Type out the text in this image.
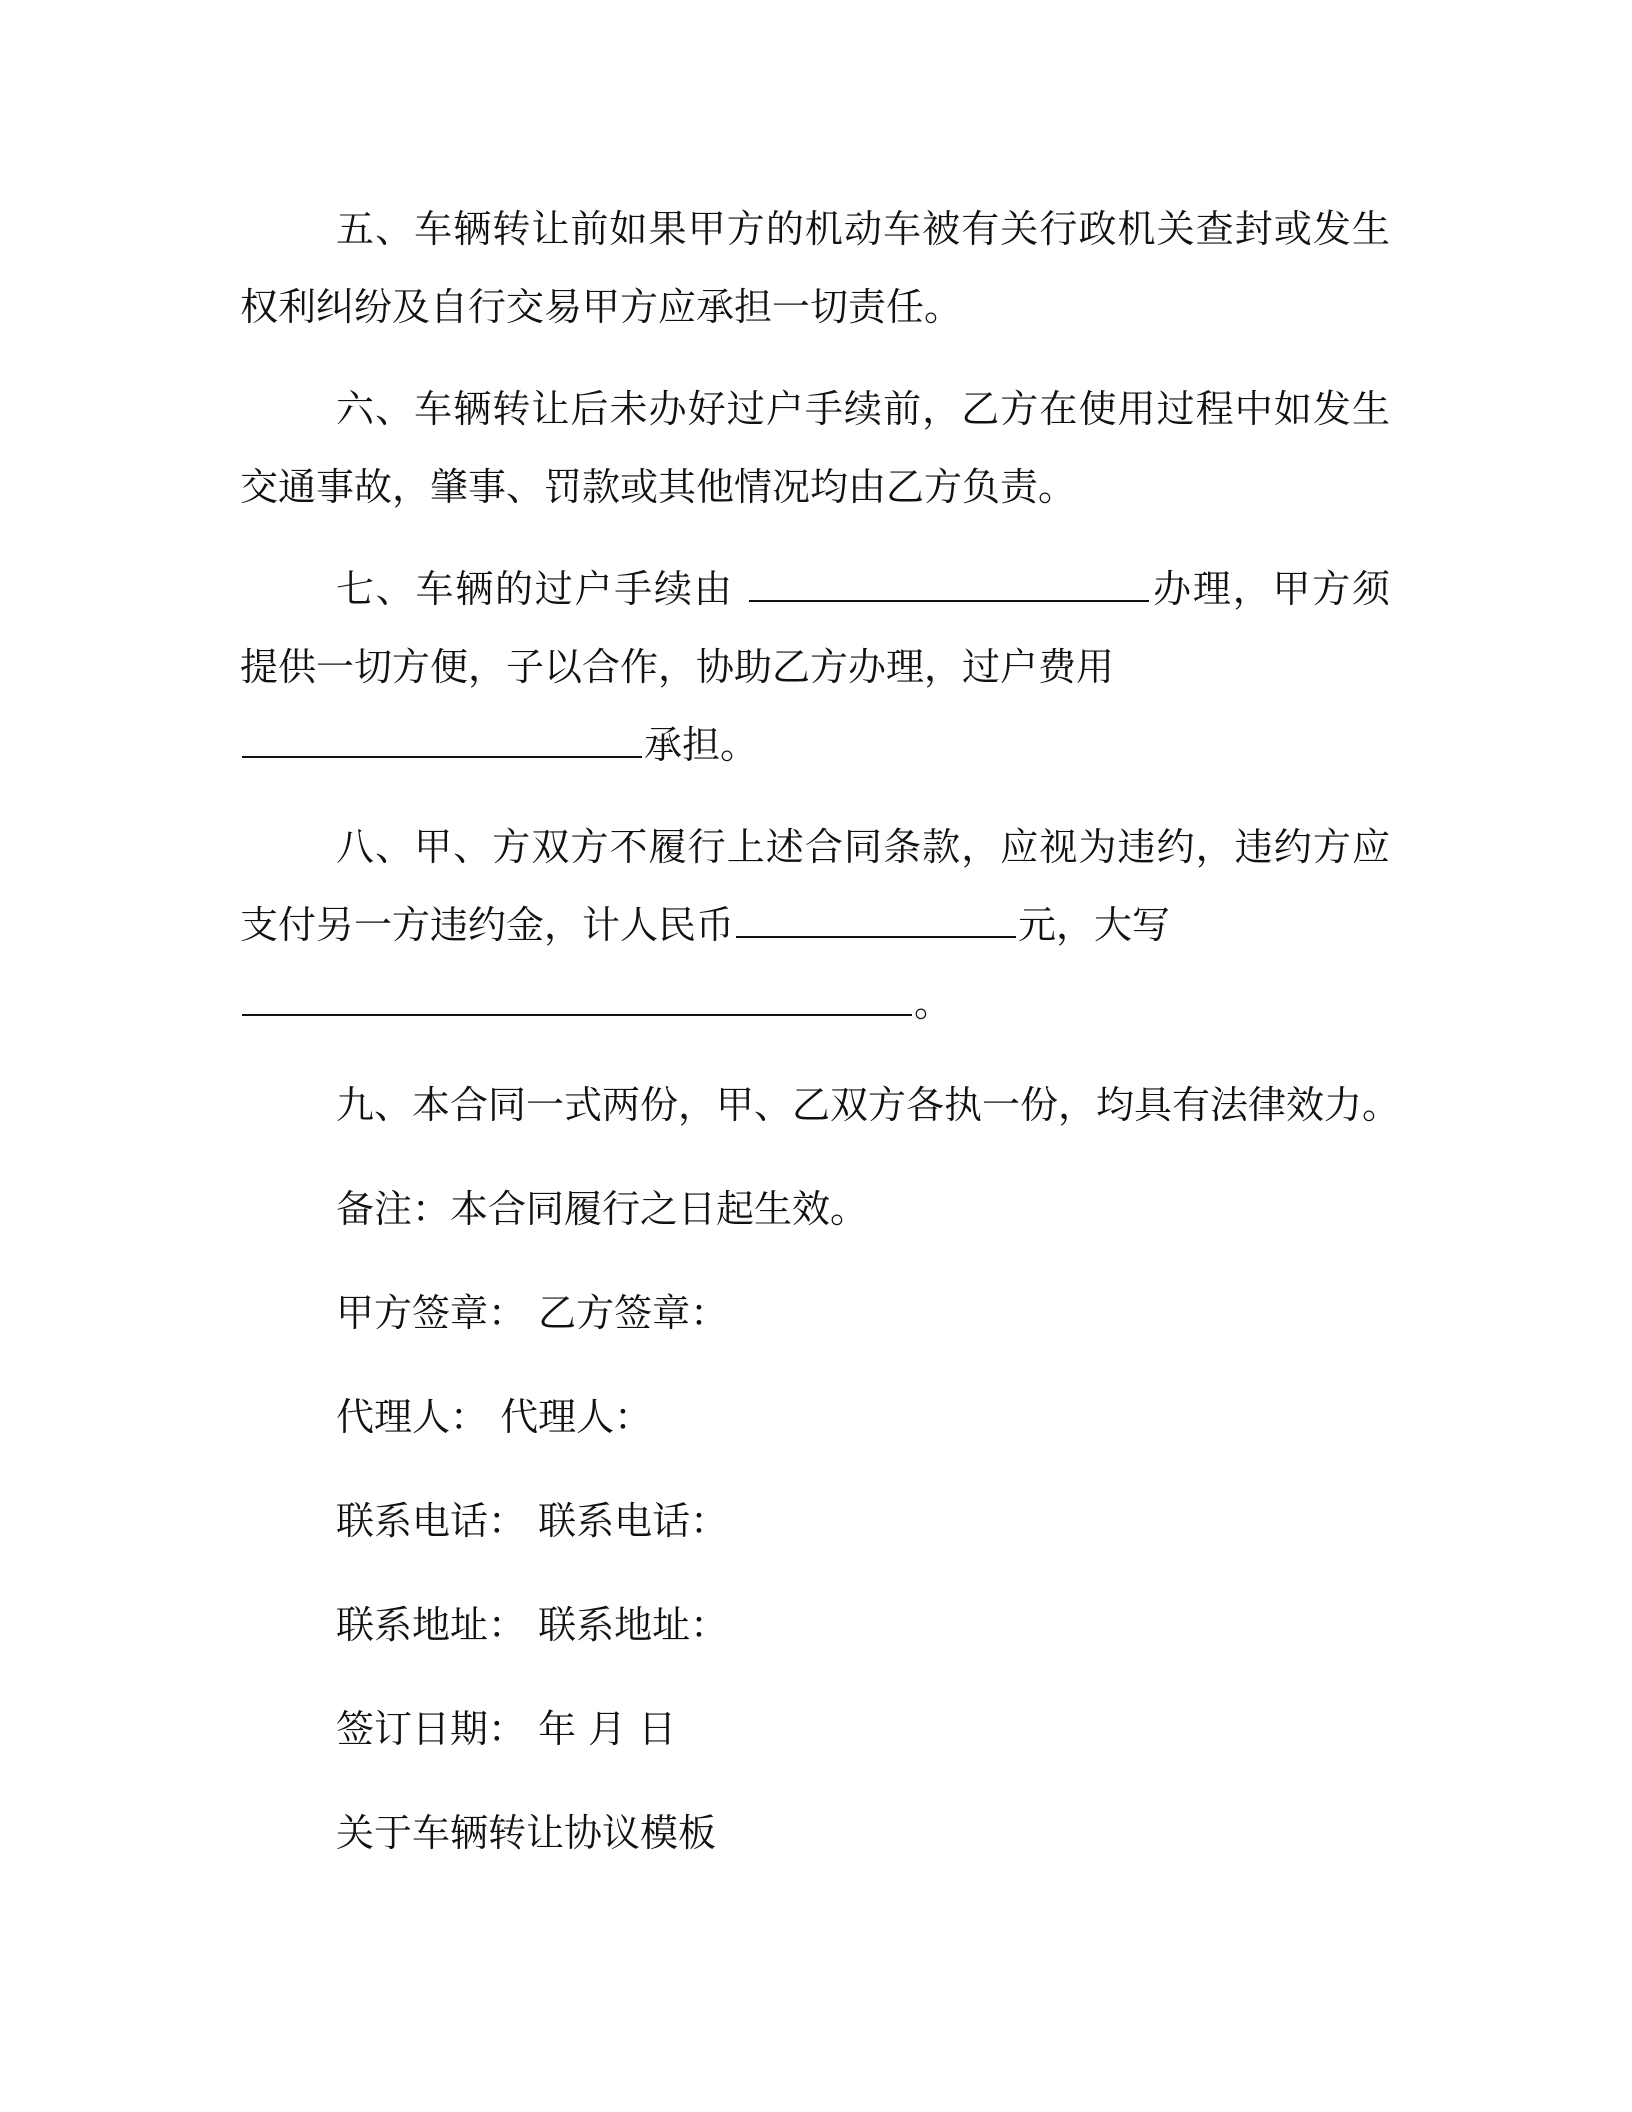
五、车辆转让前如果甲方的机动车被有关行政机关查封或发生权利纠纷及自行交易甲方应承担一切责任。

六、车辆转让后未办好过户手续前，乙方在使用过程中如发生交通事故，肇事、罚款或其他情况均由乙方负责。

七、车辆的过户手续由	办理，甲方须提供一切方便，子以合作，协助乙方办理，过户费用
承担。

八、甲、方双方不履行上述合同条款，应视为违约，违约方应支付另一方违约金，计人民币	元，大写
。

九、本合同一式两份，甲、乙双方各执一份，均具有法律效力。

备注：本合同履行之日起生效。

甲方签章： 乙方签章：

代理人： 代理人：

联系电话： 联系电话：

联系地址： 联系地址：

签订日期： 年 月 日

关于车辆转让协议模板
